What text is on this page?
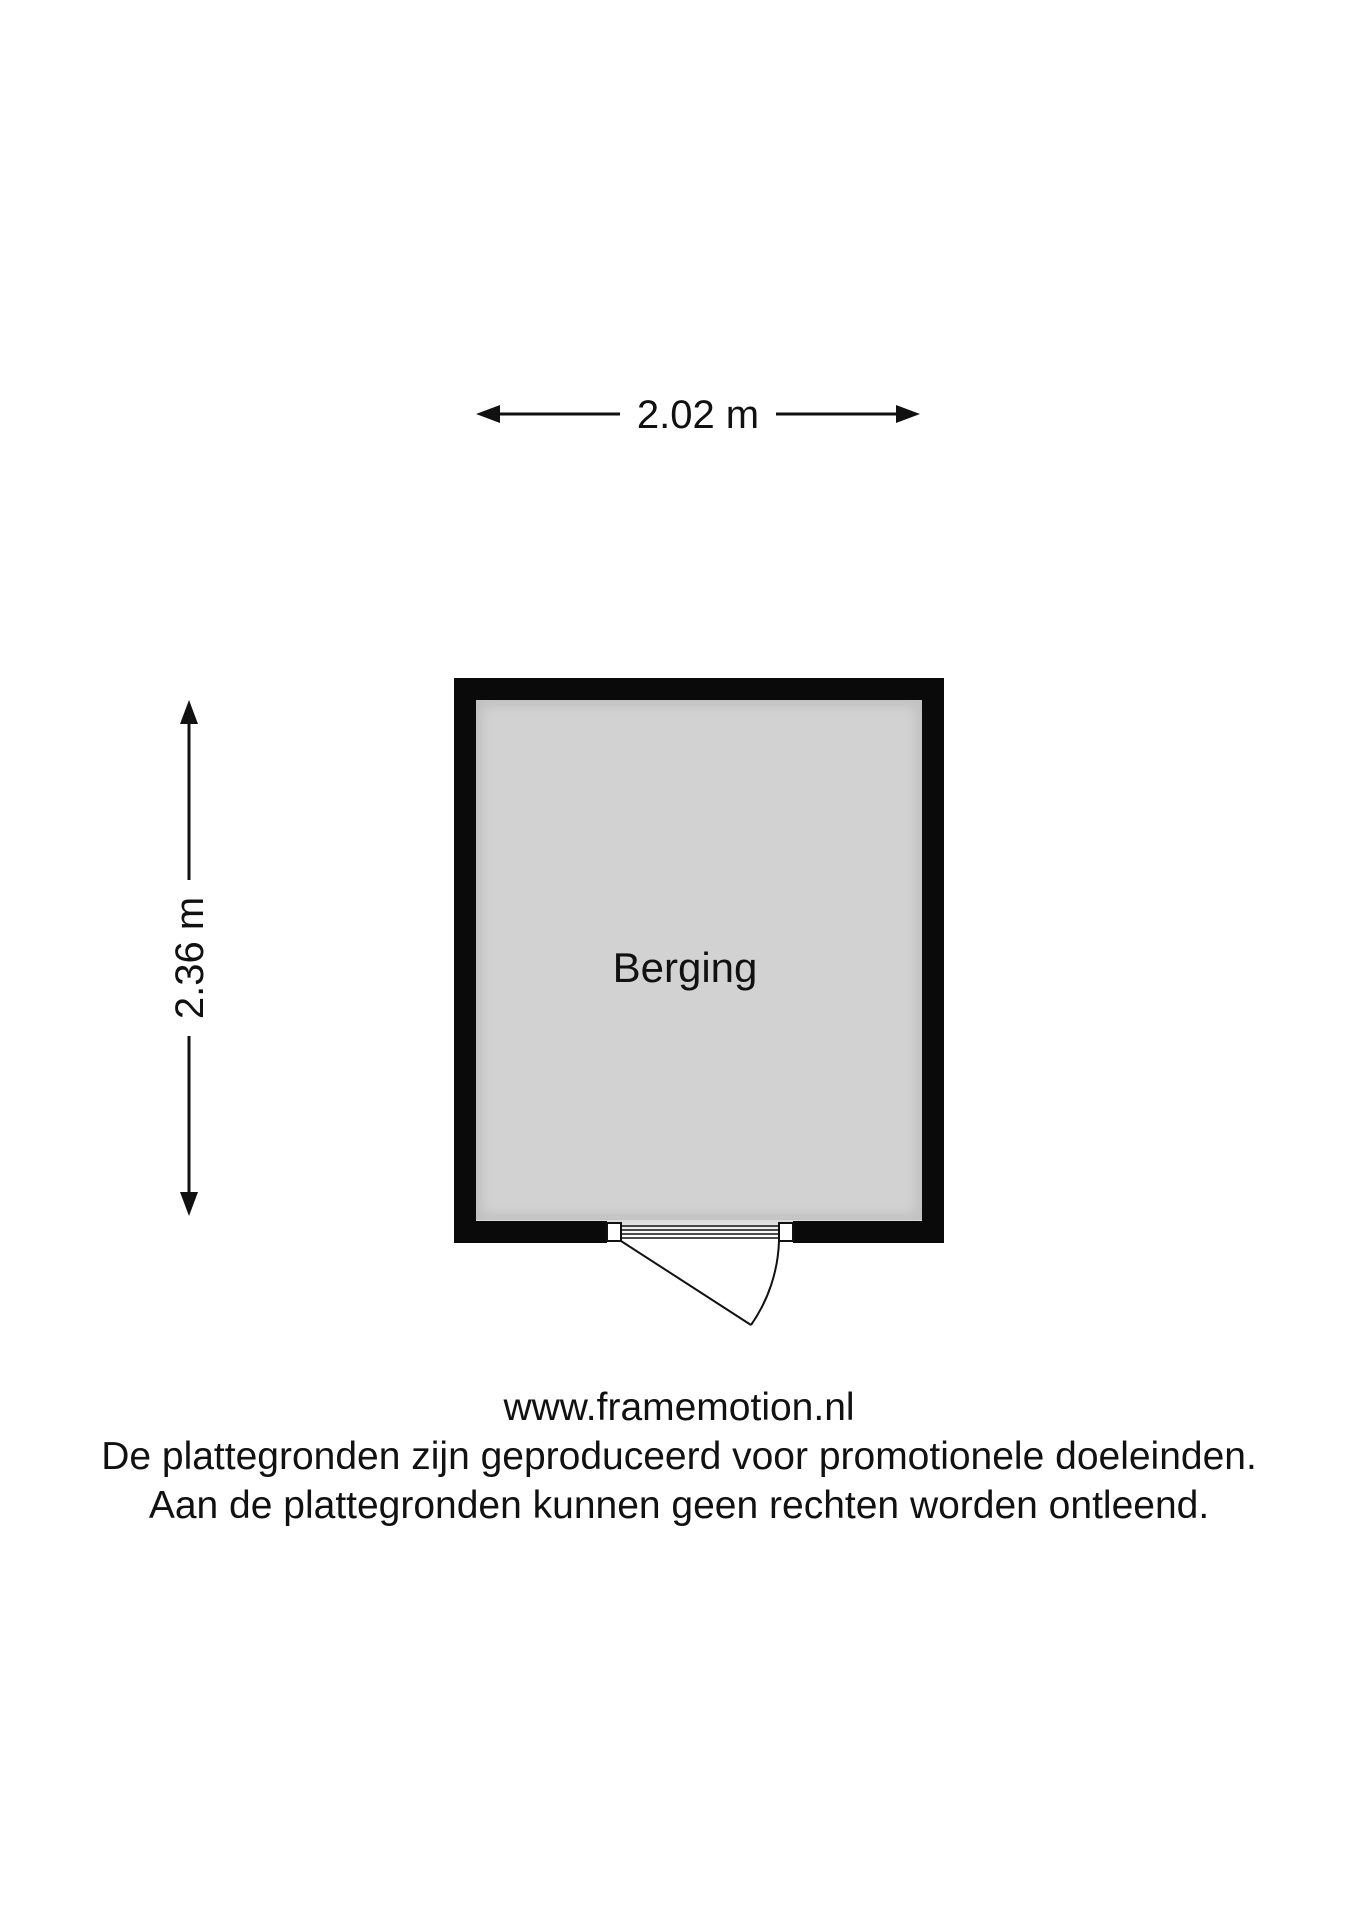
2.02 m
2.36 m	Berging
www.framemotion.nl
De plattegronden zijn geproduceerd voor promotionele doeleinden.
Aan de plattegronden kunnen geen rechten worden ontleend.
